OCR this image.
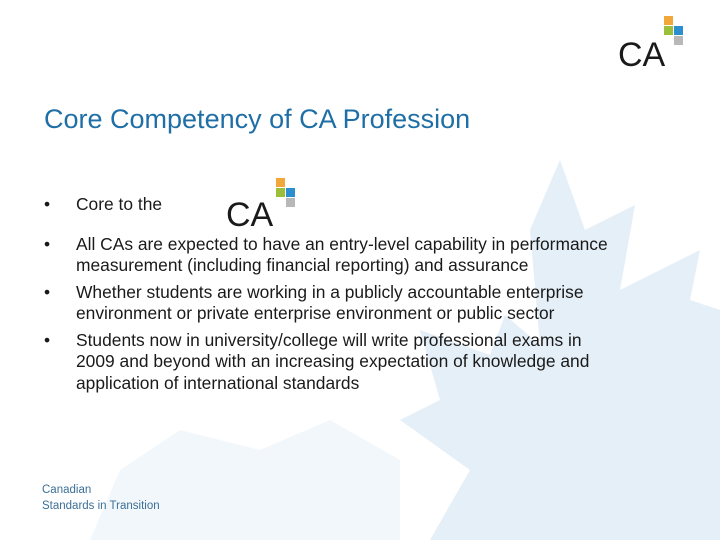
CA
Core Competency of CA Profession
•	Core to the
•	All CAs are expected to have an entry-level capability in performance measurement (including financial reporting) and assurance
•	Whether students are working in a publicly accountable enterprise environment or private enterprise environment or public sector
•	Students now in university/college will write professional exams in 2009 and beyond with an increasing expectation of knowledge and application of international standards
CA
Canadian
Standards in Transition
